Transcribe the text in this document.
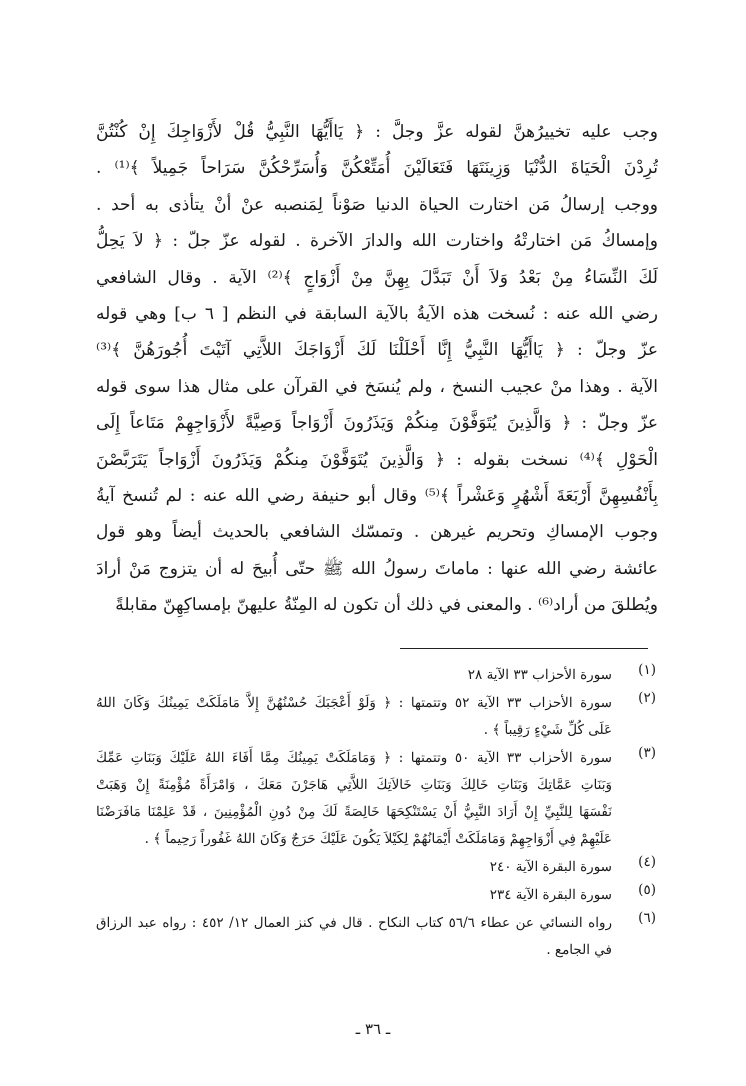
وجب عليه تخييرُهنَّ لقوله عزَّ وجلَّ : ﴿ يَاأَيُّهَا النَّبِيُّ قُلْ لأَزْوَاجِكَ إِنْ كُنْتُنَّ
تُرِدْنَ الْحَيَاةَ الدُّنْيَا وَزِينَتَهَا فَتَعَالَيْنَ أُمَتِّعْكُنَّ وَأُسَرِّحْكُنَّ سَرَاحاً جَمِيلاً ﴾⁽¹⁾ .
ووجب إرسالُ مَن اختارت الحياة الدنيا صَوْناً لِمَنصبه عنْ أنْ يتأذى به أحد .
وإمساكُ مَن اختارتْهُ واختارت الله والدارَ الآخرة . لقوله عزّ جلّ : ﴿ لاَ يَحِلُّ
لَكَ النِّسَاءُ مِنْ بَعْدُ وَلاَ أَنْ تَبَدَّلَ بِهِنَّ مِنْ أَزْوَاجٍ ﴾⁽²⁾ الآية . وقال الشافعي
رضي الله عنه : نُسخت هذه الآيةُ بالآية السابقة في النظم [ ٦ ب] وهي قوله
عزّ وجلّ : ﴿ يَاأَيُّهَا النَّبِيُّ إِنَّا أَحْلَلْنَا لَكَ أَزْوَاجَكَ اللاَّتِي آتَيْتَ أُجُورَهُنَّ ﴾⁽³⁾
الآية . وهذا منْ عجيب النسخ ، ولم يُنسَخ في القرآن على مثال هذا سوى قوله
عزّ وجلّ : ﴿ وَالَّذِينَ يُتَوَفَّوْنَ مِنكُمْ وَيَذَرُونَ أَزْوَاجاً وَصِيَّةً لأَزْوَاجِهِمْ مَتَاعاً إِلَى
الْحَوْلِ ﴾⁽⁴⁾ نسخت بقوله : ﴿ وَالَّذِينَ يُتَوَفَّوْنَ مِنكُمْ وَيَذَرُونَ أَزْوَاجاً يَتَرَبَّصْنَ
بِأَنْفُسِهِنَّ أَرْبَعَةَ أَشْهُرٍ وَعَشْراً ﴾⁽⁵⁾ وقال أبو حنيفة رضي الله عنه : لم تُنسخ آيةُ
وجوب الإمساكِ وتحريم غيرهن . وتمسّك الشافعي بالحديث أيضاً وهو قول
عائشة رضي الله عنها : ماماتَ رسولُ الله ﷺ حتّى أُبيحَ له أن يتزوج مَنْ أرادَ
ويُطلقَ من أراد⁽⁶⁾ . والمعنى في ذلك أن تكون له المِنّةُ عليهنّ بإمساكِهِنّ مقابلةً
(١)
سورة الأحزاب ٣٣ الآية ٢٨
(٢)
سورة الأحزاب ٣٣ الآية ٥٢ وتتمتها : ﴿ وَلَوْ أَعْجَبَكَ حُسْنُهُنَّ إِلاَّ مَامَلَكَتْ يَمِينُكَ وَكَانَ اللهُ
عَلَى كُلِّ شَيْءٍ رَقِيباً ﴾ .
(٣)
سورة الأحزاب ٣٣ الآية ٥٠ وتتمتها : ﴿ وَمَامَلَكَتْ يَمِينُكَ مِمَّا أَفَاءَ اللهُ عَلَيْكَ وَبَنَاتِ عَمِّكَ
وَبَنَاتِ عَمَّاتِكَ وَبَنَاتِ خَالِكَ وَبَنَاتِ خَالاَتِكَ اللاَّتِي هَاجَرْنَ مَعَكَ ، وَامْرَأَةً مُؤْمِنَةً إِنْ وَهَبَتْ
نَفْسَهَا لِلنَّبِيِّ إِنْ أَرَادَ النَّبِيُّ أَنْ يَسْتَنْكِحَهَا خَالِصَةً لَكَ مِنْ دُونِ الْمُؤْمِنِينَ ، قَدْ عَلِمْنَا مَافَرَضْنَا
عَلَيْهِمْ فِي أَزْوَاجِهِمْ وَمَامَلَكَتْ أَيْمَانُهُمْ لِكَيْلاَ يَكُونَ عَلَيْكَ حَرَجٌ وَكَانَ اللهُ غَفُوراً رَحِيماً ﴾ .
(٤)
سورة البقرة الآية ٢٤٠
(٥)
سورة البقرة الآية ٢٣٤
(٦)
رواه النسائي عن عطاء ٥٦/٦ كتاب النكاح . قال في كنز العمال ١٢/ ٤٥٢ : رواه عبد الرزاق
في الجامع .
ـ ٣٦ ـ
